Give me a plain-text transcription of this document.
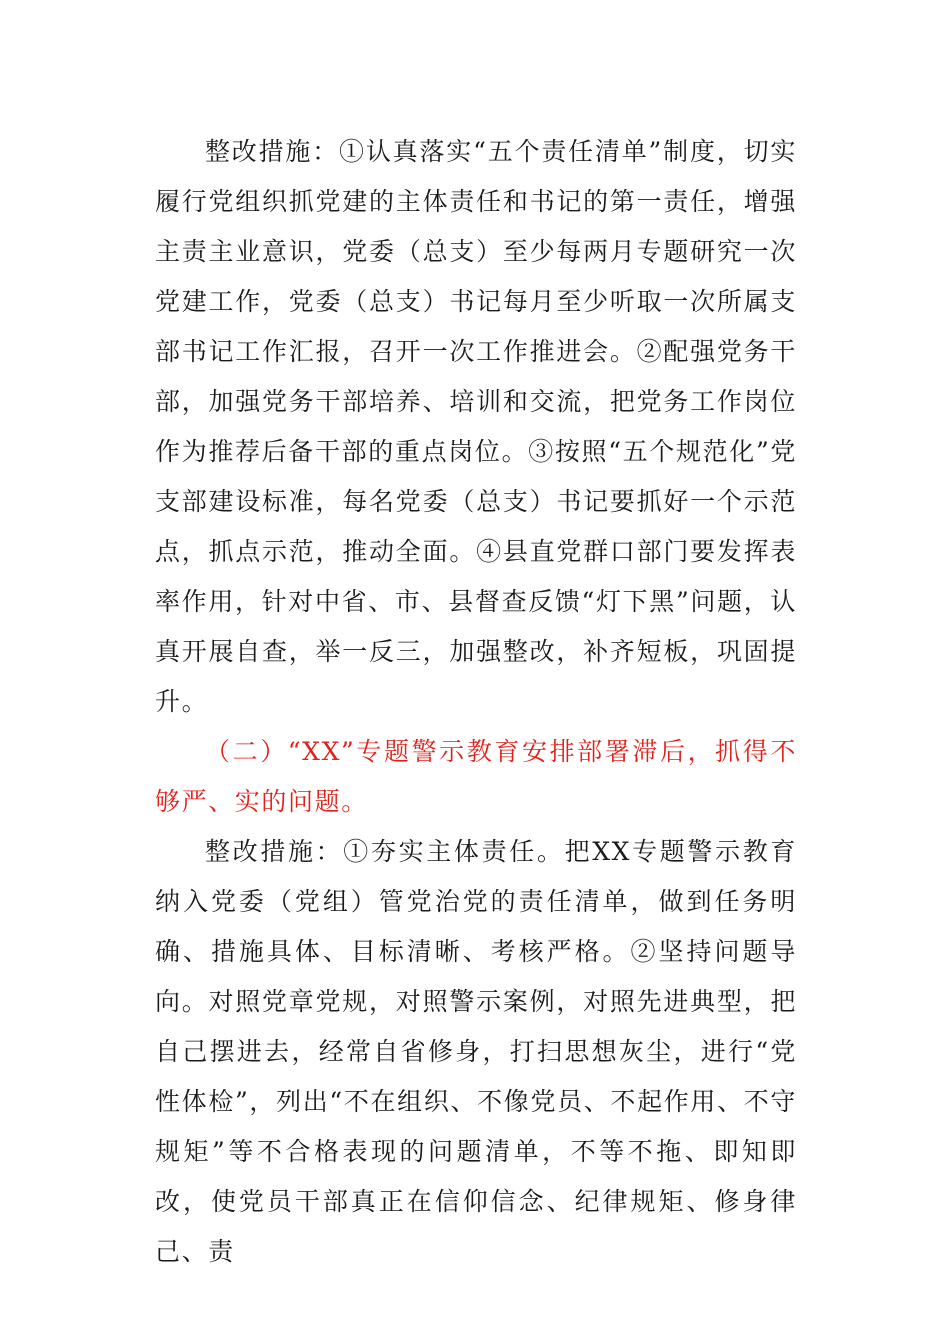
整改措施：①认真落实“五个责任清单”制度，切实履行党组织抓党建的主体责任和书记的第一责任，增强主责主业意识，党委（总支）至少每两月专题研究一次党建工作，党委（总支）书记每月至少听取一次所属支部书记工作汇报，召开一次工作推进会。②配强党务干部，加强党务干部培养、培训和交流，把党务工作岗位作为推荐后备干部的重点岗位。③按照“五个规范化”党支部建设标准，每名党委（总支）书记要抓好一个示范点，抓点示范，推动全面。④县直党群口部门要发挥表率作用，针对中省、市、县督查反馈“灯下黑”问题，认真开展自查，举一反三，加强整改，补齐短板，巩固提升。

（二）“XX”专题警示教育安排部署滞后，抓得不够严、实的问题。

整改措施：①夯实主体责任。把XX专题警示教育纳入党委（党组）管党治党的责任清单，做到任务明确、措施具体、目标清晰、考核严格。②坚持问题导向。对照党章党规，对照警示案例，对照先进典型，把自己摆进去，经常自省修身，打扫思想灰尘，进行“党性体检”，列出“不在组织、不像党员、不起作用、不守规矩”等不合格表现的问题清单，不等不拖、即知即改，使党员干部真正在信仰信念、纪律规矩、修身律己、责
